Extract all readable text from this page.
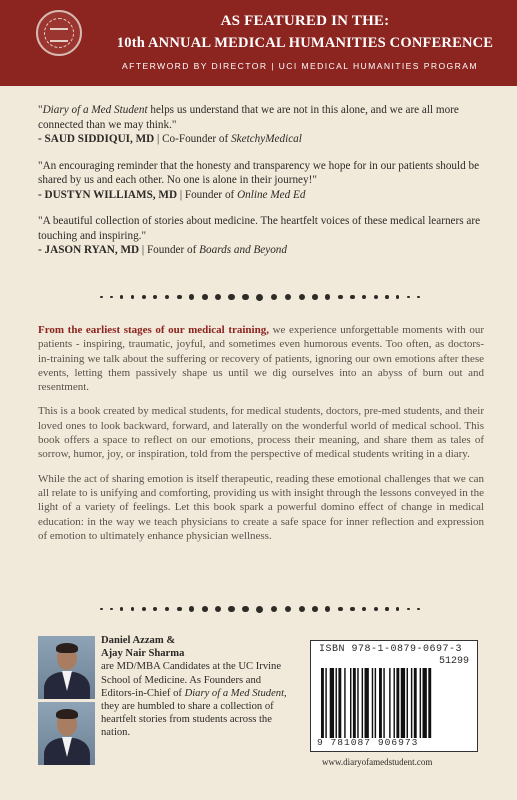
AS FEATURED IN THE:
10th ANNUAL MEDICAL HUMANITIES CONFERENCE
AFTERWORD BY DIRECTOR | UCI MEDICAL HUMANITIES PROGRAM
"Diary of a Med Student helps us understand that we are not in this alone, and we are all more connected than we may think."
- SAUD SIDDIQUI, MD | Co-Founder of SketchyMedical
"An encouraging reminder that the honesty and transparency we hope for in our patients should be shared by us and each other. No one is alone in their journey!"
- DUSTYN WILLIAMS, MD | Founder of Online Med Ed
"A beautiful collection of stories about medicine. The heartfelt voices of these medical learners are touching and inspiring."
- JASON RYAN, MD | Founder of Boards and Beyond
From the earliest stages of our medical training, we experience unforgettable moments with our patients - inspiring, traumatic, joyful, and sometimes even humorous events. Too often, as doctors-in-training we talk about the suffering or recovery of patients, ignoring our own emotions after these events, letting them passively shape us until we dig ourselves into an abyss of burn out and resentment.
This is a book created by medical students, for medical students, doctors, pre-med students, and their loved ones to look backward, forward, and laterally on the wonderful world of medical school. This book offers a space to reflect on our emotions, process their meaning, and share them as tales of sorrow, humor, joy, or inspiration, told from the perspective of medical students writing in a diary.
While the act of sharing emotion is itself therapeutic, reading these emotional challenges that we can all relate to is unifying and comforting, providing us with insight through the lessons conveyed in the light of a variety of feelings. Let this book spark a powerful domino effect of change in medical education: in the way we teach physicians to create a safe space for inner reflection and expression of emotion to ultimately enhance physician wellness.
Daniel Azzam &
Ajay Nair Sharma
are MD/MBA Candidates at the UC Irvine School of Medicine. As Founders and Editors-in-Chief of Diary of a Med Student, they are humbled to share a collection of heartfelt stories from students across the nation.
ISBN 978-1-0879-0697-3
51299
9 781087 906973
www.diaryofamedstudent.com
